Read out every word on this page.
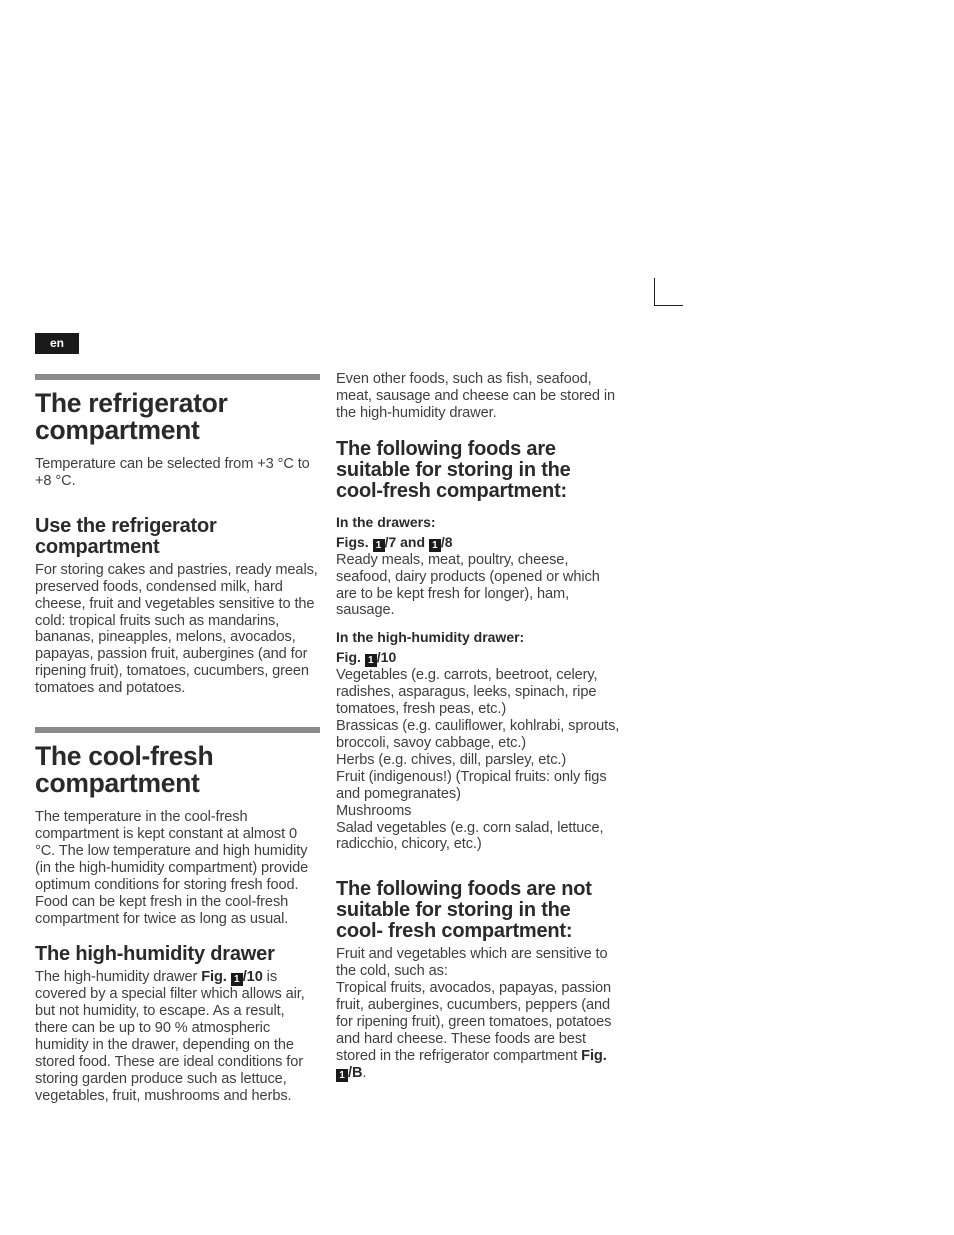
en
The refrigerator compartment

Temperature can be selected from +3 °C to +8 °C.

Use the refrigerator compartment

For storing cakes and pastries, ready meals, preserved foods, condensed milk, hard cheese, fruit and vegetables sensitive to the cold: tropical fruits such as mandarins, bananas, pineapples, melons, avocados, papayas, passion fruit, aubergines (and for ripening fruit), tomatoes, cucumbers, green tomatoes and potatoes.

The cool-fresh compartment

The temperature in the cool-fresh compartment is kept constant at almost 0 °C. The low temperature and high humidity (in the high-humidity compartment) provide optimum conditions for storing fresh food. Food can be kept fresh in the cool-fresh compartment for twice as long as usual.

The high-humidity drawer

The high-humidity drawer Fig. 1 /10 is covered by a special filter which allows air, but not humidity, to escape. As a result, there can be up to 90 % atmospheric humidity in the drawer, depending on the stored food. These are ideal conditions for storing garden produce such as lettuce, vegetables, fruit, mushrooms and herbs.

Even other foods, such as fish, seafood, meat, sausage and cheese can be stored in the high-humidity drawer.

The following foods are suitable for storing in the cool-fresh compartment:
In the drawers:
Figs. 1 /7 and 1 /8

Ready meals, meat, poultry, cheese, seafood, dairy products (opened or which are to be kept fresh for longer), ham, sausage.

In the high-humidity drawer:
Fig. 1 /10

Vegetables (e.g. carrots, beetroot, celery, radishes, asparagus, leeks, spinach, ripe tomatoes, fresh peas, etc.)

Brassicas (e.g. cauliflower, kohlrabi, sprouts, broccoli, savoy cabbage, etc.)

Herbs (e.g. chives, dill, parsley, etc.)

Fruit (indigenous!) (Tropical fruits: only figs and pomegranates)

Mushrooms

Salad vegetables (e.g. corn salad, lettuce, radicchio, chicory, etc.)

The following foods are not suitable for storing in the cool- fresh compartment:

Fruit and vegetables which are sensitive to the cold, such as:

Tropical fruits, avocados, papayas, passion fruit, aubergines, cucumbers, peppers (and for ripening fruit), green tomatoes, potatoes and hard cheese. These foods are best stored in the refrigerator compartment Fig. 1 /B.
